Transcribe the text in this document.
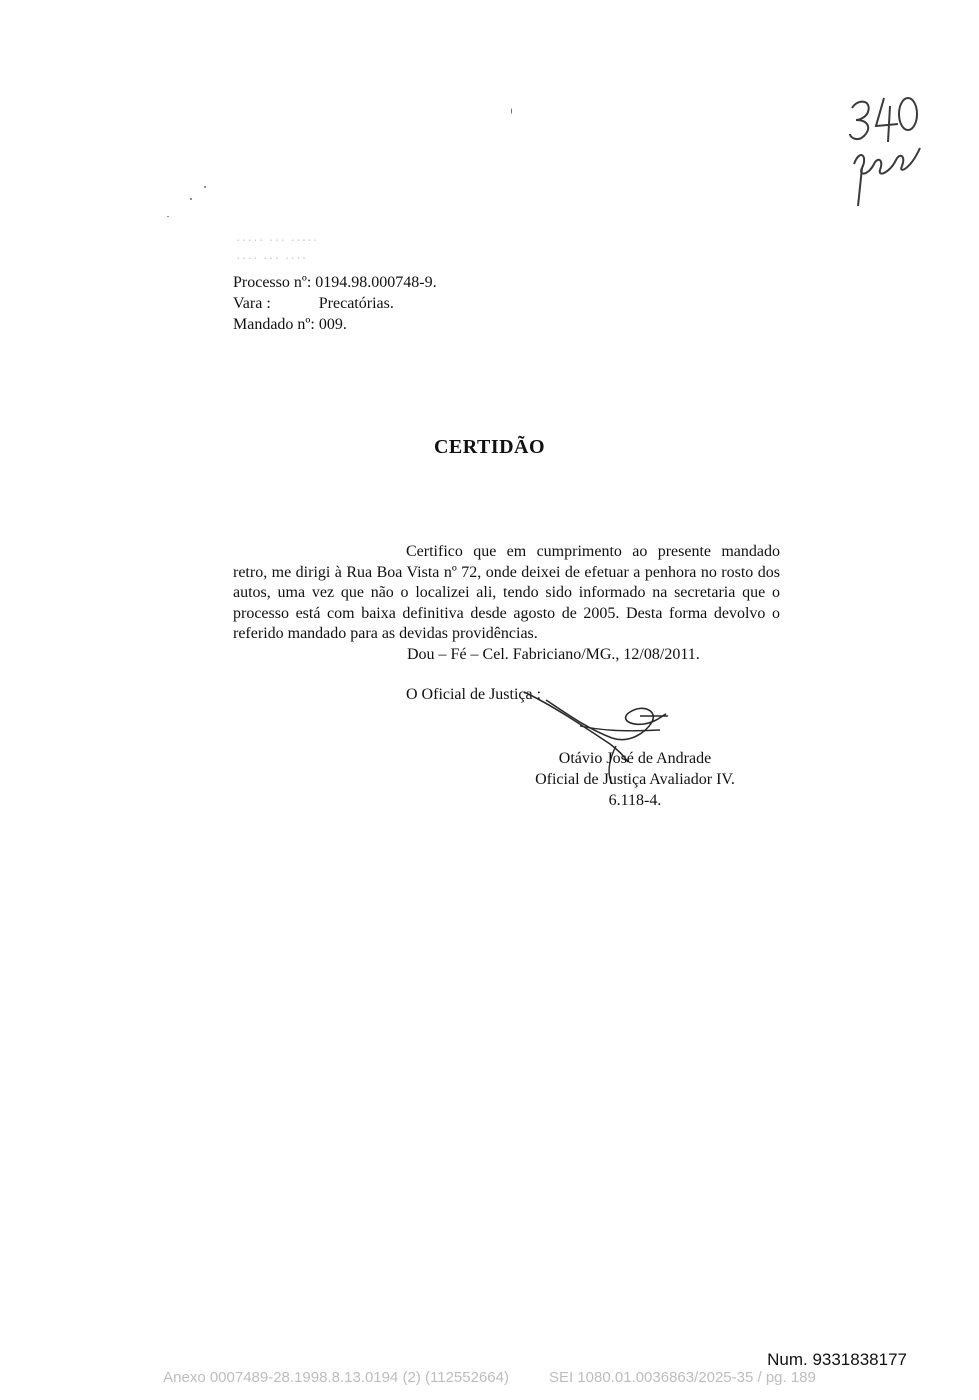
····· ··· ·····
···· ··· ····
Processo nº: 0194.98.000748-9.
Vara :	Precatórias.
Mandado nº: 009.
CERTIDÃO

Certifico que em cumprimento ao presente mandado retro, me dirigi à Rua Boa Vista nº 72, onde deixei de efetuar a penhora no rosto dos autos, uma vez que não o localizei ali, tendo sido informado na secretaria que o processo está com baixa definitiva desde agosto de 2005. Desta forma devolvo o referido mandado para as devidas providências.

Dou – Fé – Cel. Fabriciano/MG., 12/08/2011.
O Oficial de Justiça :
Otávio José de Andrade
Oficial de Justiça Avaliador IV.
6.118-4.
Num. 9331838177
Anexo 0007489-28.1998.8.13.0194 (2) (112552664)	SEI 1080.01.0036863/2025-35 / pg. 189
